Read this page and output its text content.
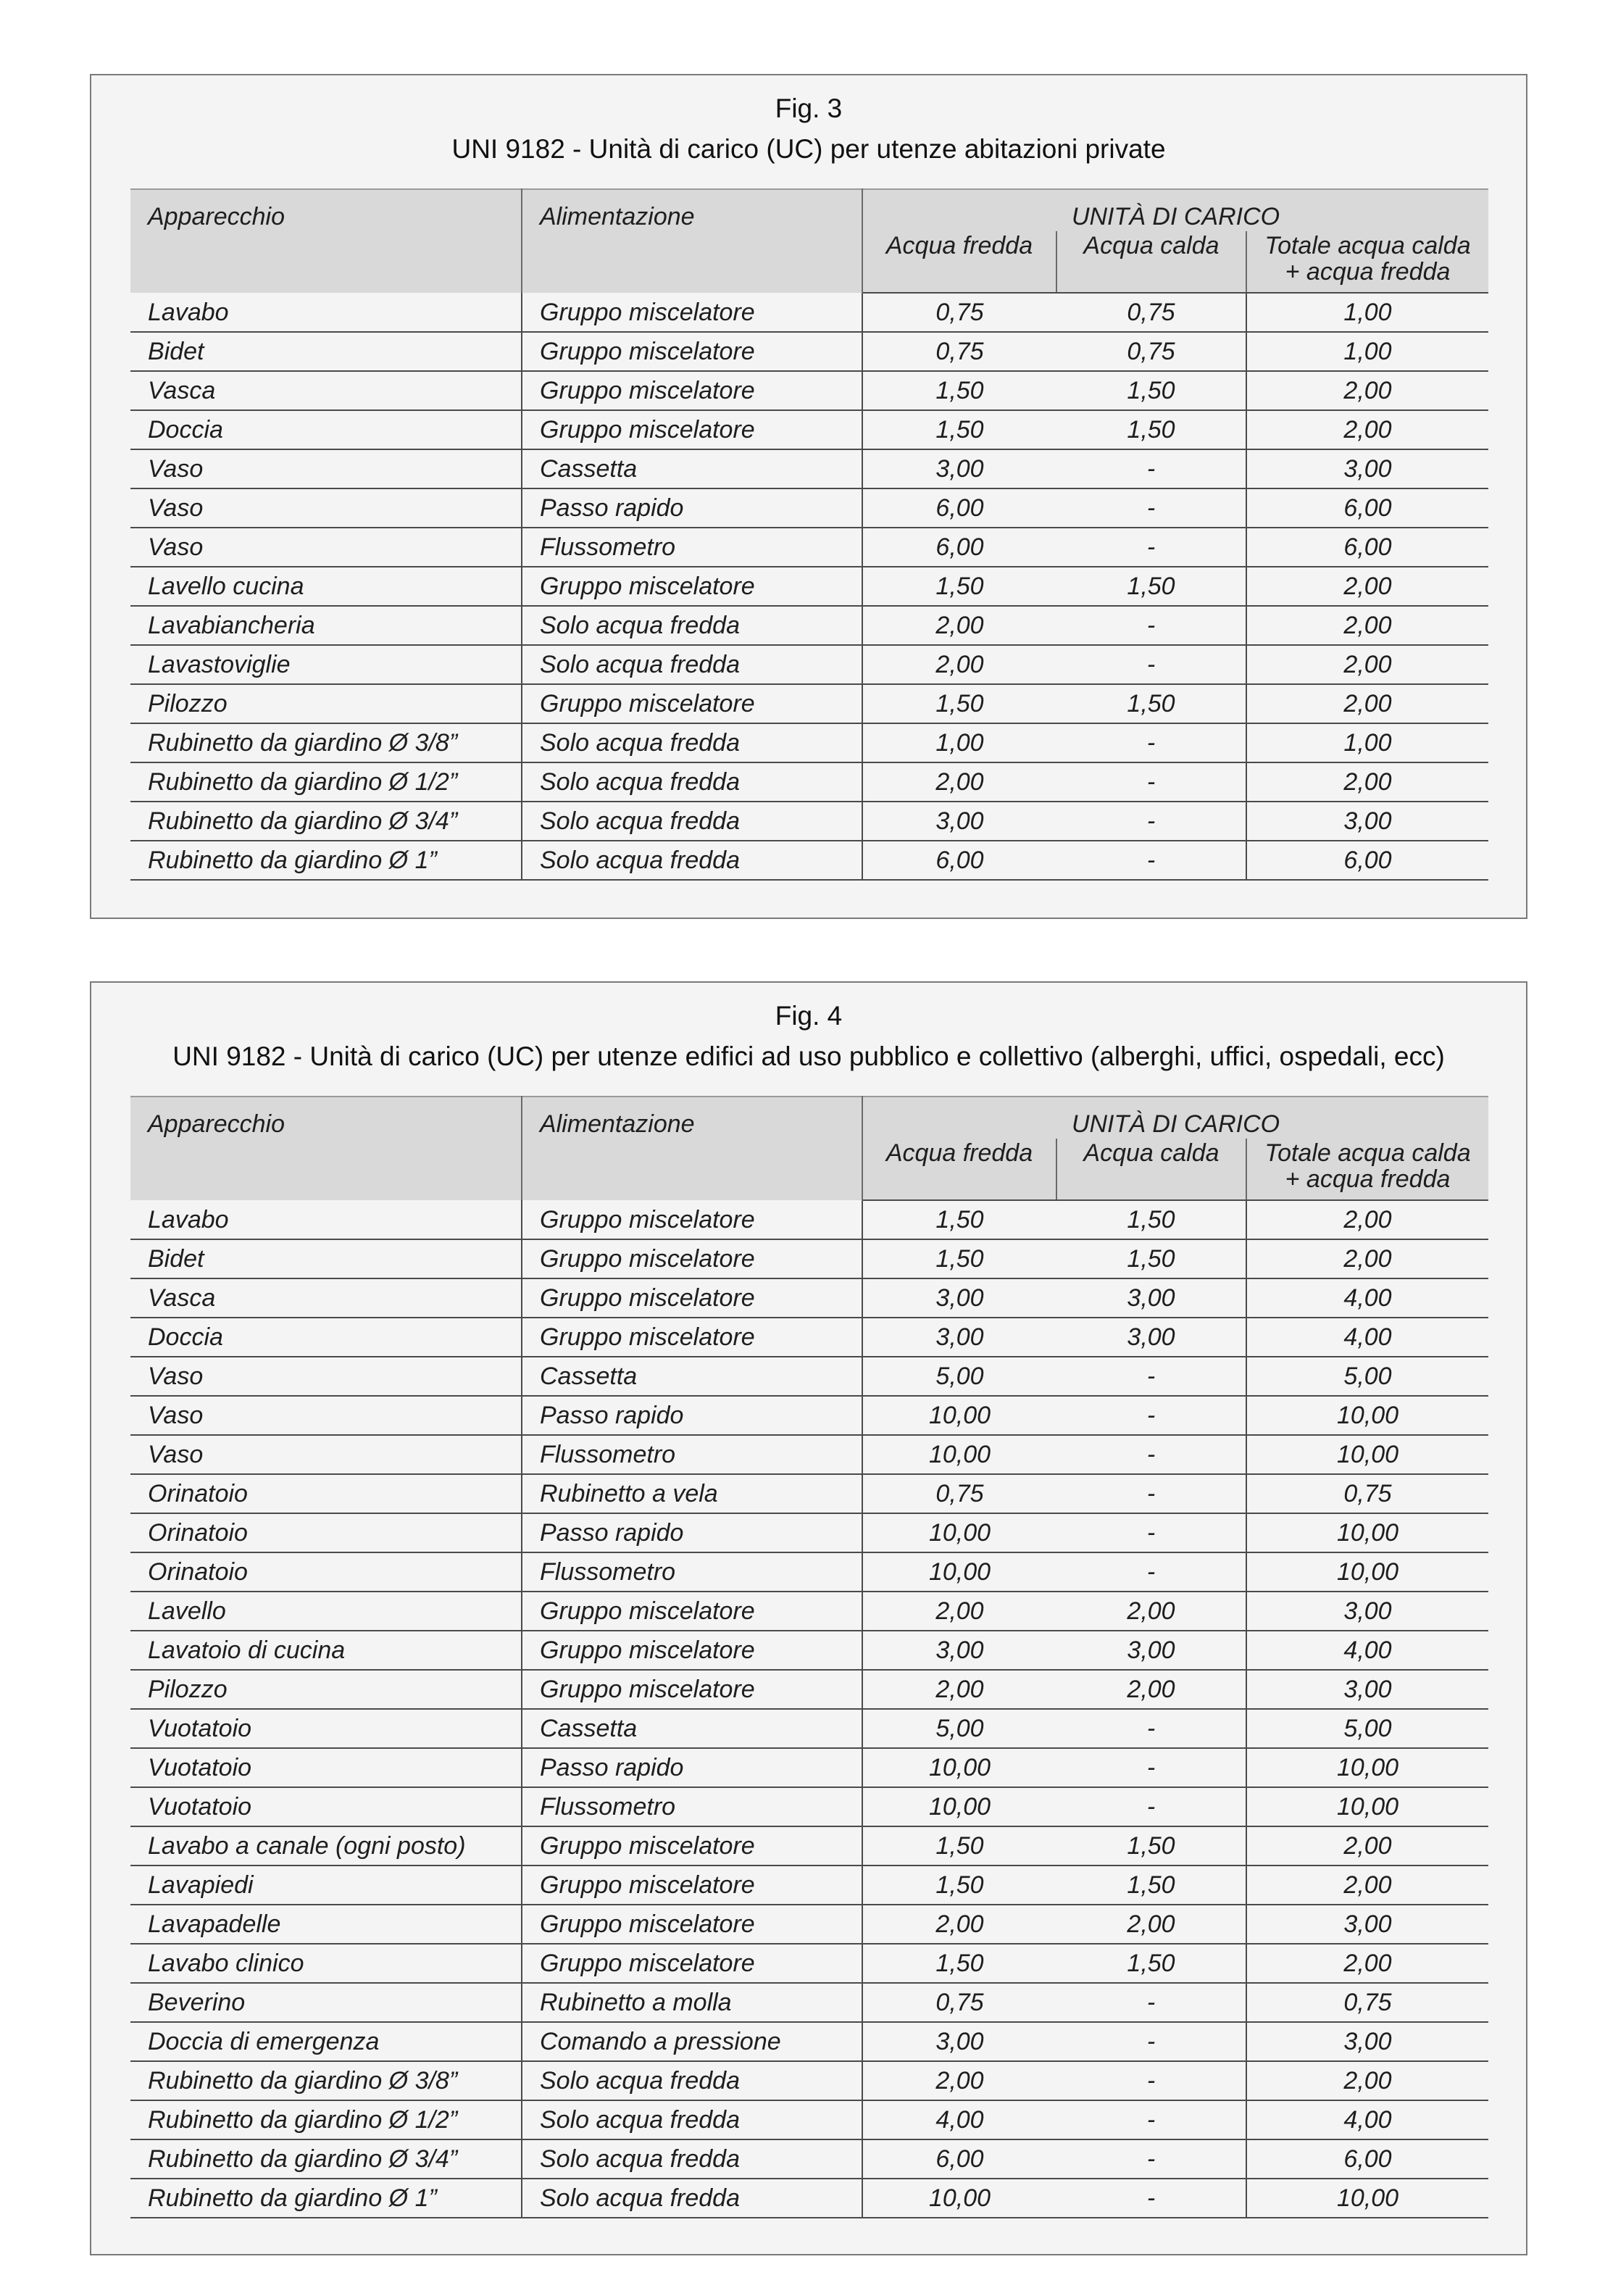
Fig. 3
UNI 9182 - Unità di carico (UC) per utenze abitazioni private
Apparecchio	Alimentazione	UNITÀ DI CARICO		
		Acqua fredda	Acqua calda	Totale acqua calda
+ acqua fredda
Lavabo	Gruppo miscelatore	0,75	0,75	1,00
Bidet	Gruppo miscelatore	0,75	0,75	1,00
Vasca	Gruppo miscelatore	1,50	1,50	2,00
Doccia	Gruppo miscelatore	1,50	1,50	2,00
Vaso	Cassetta	3,00	-	3,00
Vaso	Passo rapido	6,00	-	6,00
Vaso	Flussometro	6,00	-	6,00
Lavello cucina	Gruppo miscelatore	1,50	1,50	2,00
Lavabiancheria	Solo acqua fredda	2,00	-	2,00
Lavastoviglie	Solo acqua fredda	2,00	-	2,00
Pilozzo	Gruppo miscelatore	1,50	1,50	2,00
Rubinetto da giardino Ø 3/8”	Solo acqua fredda	1,00	-	1,00
Rubinetto da giardino Ø 1/2”	Solo acqua fredda	2,00	-	2,00
Rubinetto da giardino Ø 3/4”	Solo acqua fredda	3,00	-	3,00
Rubinetto da giardino Ø 1”	Solo acqua fredda	6,00	-	6,00
Fig. 4
UNI 9182 - Unità di carico (UC) per utenze edifici ad uso pubblico e collettivo (alberghi, uffici, ospedali, ecc)
Apparecchio	Alimentazione	UNITÀ DI CARICO		
		Acqua fredda	Acqua calda	Totale acqua calda
+ acqua fredda
Lavabo	Gruppo miscelatore	1,50	1,50	2,00
Bidet	Gruppo miscelatore	1,50	1,50	2,00
Vasca	Gruppo miscelatore	3,00	3,00	4,00
Doccia	Gruppo miscelatore	3,00	3,00	4,00
Vaso	Cassetta	5,00	-	5,00
Vaso	Passo rapido	10,00	-	10,00
Vaso	Flussometro	10,00	-	10,00
Orinatoio	Rubinetto a vela	0,75	-	0,75
Orinatoio	Passo rapido	10,00	-	10,00
Orinatoio	Flussometro	10,00	-	10,00
Lavello	Gruppo miscelatore	2,00	2,00	3,00
Lavatoio di cucina	Gruppo miscelatore	3,00	3,00	4,00
Pilozzo	Gruppo miscelatore	2,00	2,00	3,00
Vuotatoio	Cassetta	5,00	-	5,00
Vuotatoio	Passo rapido	10,00	-	10,00
Vuotatoio	Flussometro	10,00	-	10,00
Lavabo a canale (ogni posto)	Gruppo miscelatore	1,50	1,50	2,00
Lavapiedi	Gruppo miscelatore	1,50	1,50	2,00
Lavapadelle	Gruppo miscelatore	2,00	2,00	3,00
Lavabo clinico	Gruppo miscelatore	1,50	1,50	2,00
Beverino	Rubinetto a molla	0,75	-	0,75
Doccia di emergenza	Comando a pressione	3,00	-	3,00
Rubinetto da giardino Ø 3/8”	Solo acqua fredda	2,00	-	2,00
Rubinetto da giardino Ø 1/2”	Solo acqua fredda	4,00	-	4,00
Rubinetto da giardino Ø 3/4”	Solo acqua fredda	6,00	-	6,00
Rubinetto da giardino Ø 1”	Solo acqua fredda	10,00	-	10,00
